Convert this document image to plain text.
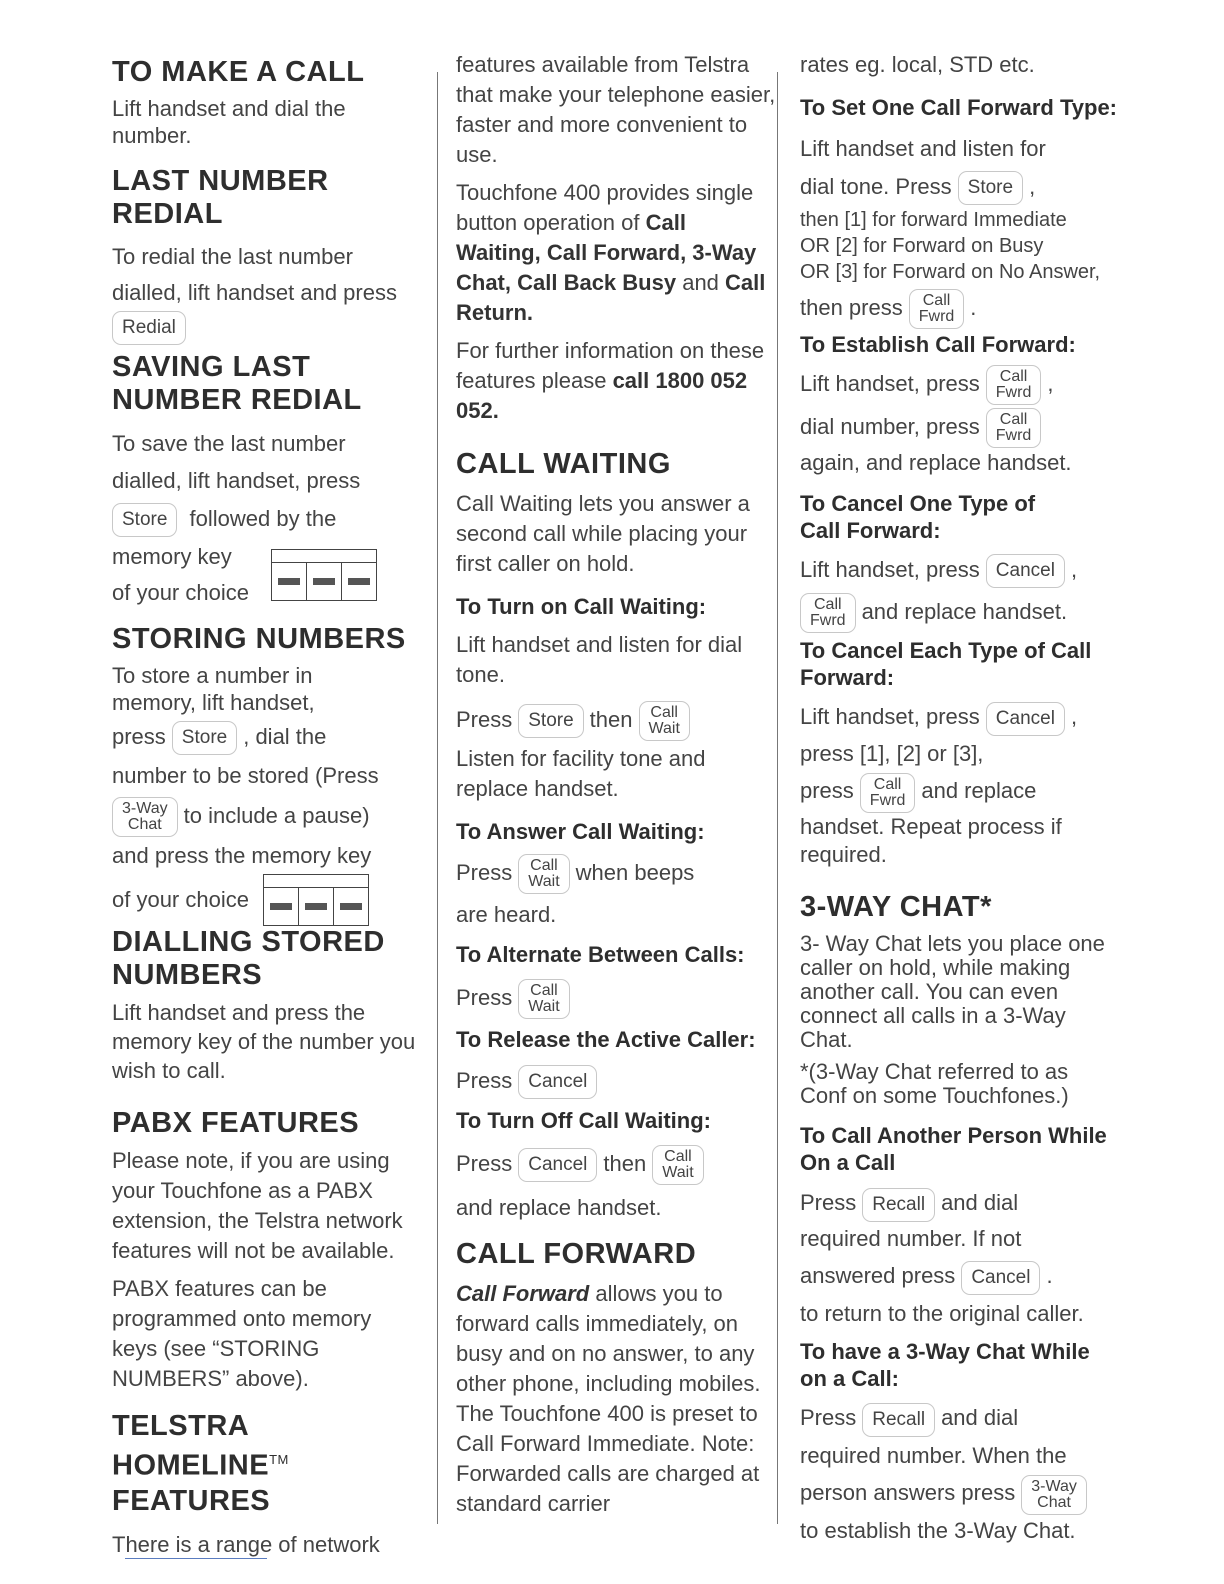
TO MAKE A CALL

Lift handset and dial the number.

LAST NUMBER REDIAL

To redial the last number

dialled, lift handset and press

Redial
SAVING LAST NUMBER REDIAL

To save the last number

dialled, lift handset, press

Store followed by the

memory key

of your choice

STORING NUMBERS

To store a number in memory, lift handset,

press Store , dial the

number to be stored (Press

3-Way
Chat to include a pause)

and press the memory key

of your choice

DIALLING STORED NUMBERS

Lift handset and press the memory key of the number you wish to call.

PABX FEATURES

Please note, if you are using your Touchfone as a PABX extension, the Telstra network features will not be available.

PABX features can be programmed onto memory keys (see “STORING NUMBERS” above).

TELSTRA HOMELINE™
FEATURES

There is a range of network

features available from Telstra that make your telephone easier, faster and more convenient to use.

Touchfone 400 provides single button operation of Call Waiting, Call Forward, 3-Way Chat, Call Back Busy and Call Return.

For further information on these features please call 1800 052 052.

CALL WAITING

Call Waiting lets you answer a second call while placing your first caller on hold.

To Turn on Call Waiting:

Lift handset and listen for dial tone.

Press Store then Call
Wait

Listen for facility tone and replace handset.

To Answer Call Waiting:

Press Call
Wait when beeps

are heard.

To Alternate Between Calls:

Press Call
Wait

To Release the Active Caller:

Press Cancel

To Turn Off Call Waiting:

Press Cancel then Call
Wait

and replace handset.

CALL FORWARD

Call Forward allows you to forward calls immediately, on busy and on no answer, to any other phone, including mobiles. The Touchfone 400 is preset to Call Forward Immediate. Note: Forwarded calls are charged at standard carrier

rates eg. local, STD etc.

To Set One Call Forward Type:

Lift handset and listen for

dial tone. Press Store ,

then [1] for forward Immediate

OR [2] for Forward on Busy

OR [3] for Forward on No Answer,

then press Call
Fwrd .

To Establish Call Forward:

Lift handset, press Call
Fwrd ,

dial number, press Call
Fwrd

again, and replace handset.

To Cancel One Type of Call Forward:

Lift handset, press Cancel ,

Call
Fwrd and replace handset.

To Cancel Each Type of Call Forward:

Lift handset, press Cancel ,

press [1], [2] or [3],

press Call
Fwrd and replace

handset. Repeat process if required.

3-WAY CHAT*

3- Way Chat lets you place one caller on hold, while making another call. You can even connect all calls in a 3-Way Chat.

*(3-Way Chat referred to as Conf on some Touchfones.)

To Call Another Person While On a Call

Press Recall and dial

required number. If not

answered press Cancel .

to return to the original caller.

To have a 3-Way Chat While on a Call:

Press Recall and dial

required number. When the

person answers press 3-Way
Chat

to establish the 3-Way Chat.
